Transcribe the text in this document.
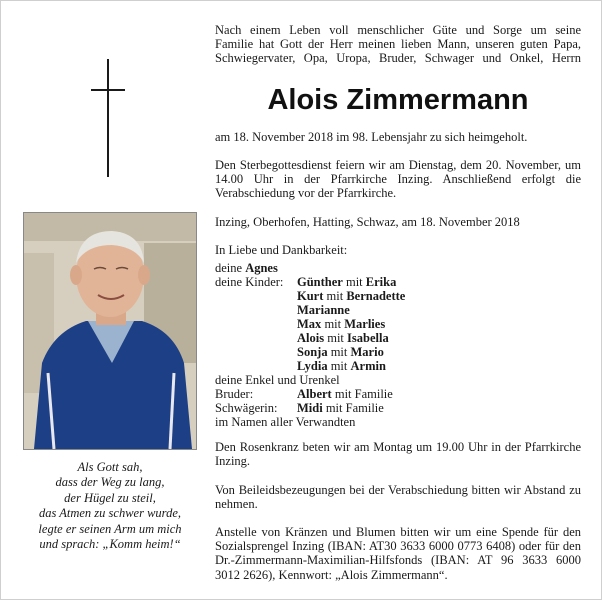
Als Gott sah,
dass der Weg zu lang,
der Hügel zu steil,
das Atmen zu schwer wurde,
legte er seinen Arm um mich
und sprach: „Komm heim!“
Nach einem Leben voll menschlicher Güte und Sorge um seine
Familie hat Gott der Herr meinen lieben Mann, unseren guten Papa,
Schwiegervater, Opa, Uropa, Bruder, Schwager und Onkel, Herrn
Alois Zimmermann
am 18. November 2018 im 98. Lebensjahr zu sich heimgeholt.
Den Sterbegottesdienst feiern wir am Dienstag, dem 20. November, um 14.00 Uhr in der Pfarrkirche Inzing. Anschließend erfolgt die Verabschiedung vor der Pfarrkirche.
Inzing, Oberhofen, Hatting, Schwaz, am 18. November 2018
In Liebe und Dankbarkeit:
deine Agnes
deine Kinder: Günther mit Erika
Kurt mit Bernadette
Marianne
Max mit Marlies
Alois mit Isabella
Sonja mit Mario
Lydia mit Armin
deine Enkel und Urenkel
Bruder:	Albert mit Familie
Schwägerin: Midi mit Familie
im Namen aller Verwandten
Den Rosenkranz beten wir am Montag um 19.00 Uhr in der Pfarrkirche Inzing.
Von Beileidsbezeugungen bei der Verabschiedung bitten wir Abstand zu nehmen.
Anstelle von Kränzen und Blumen bitten wir um eine Spende für den Sozialsprengel Inzing (IBAN: AT30 3633 6000 0773 6408) oder für den Dr.-Zimmermann-Maximilian-Hilfsfonds (IBAN: AT 96 3633 6000 3012 2626), Kennwort: „Alois Zimmermann“.
